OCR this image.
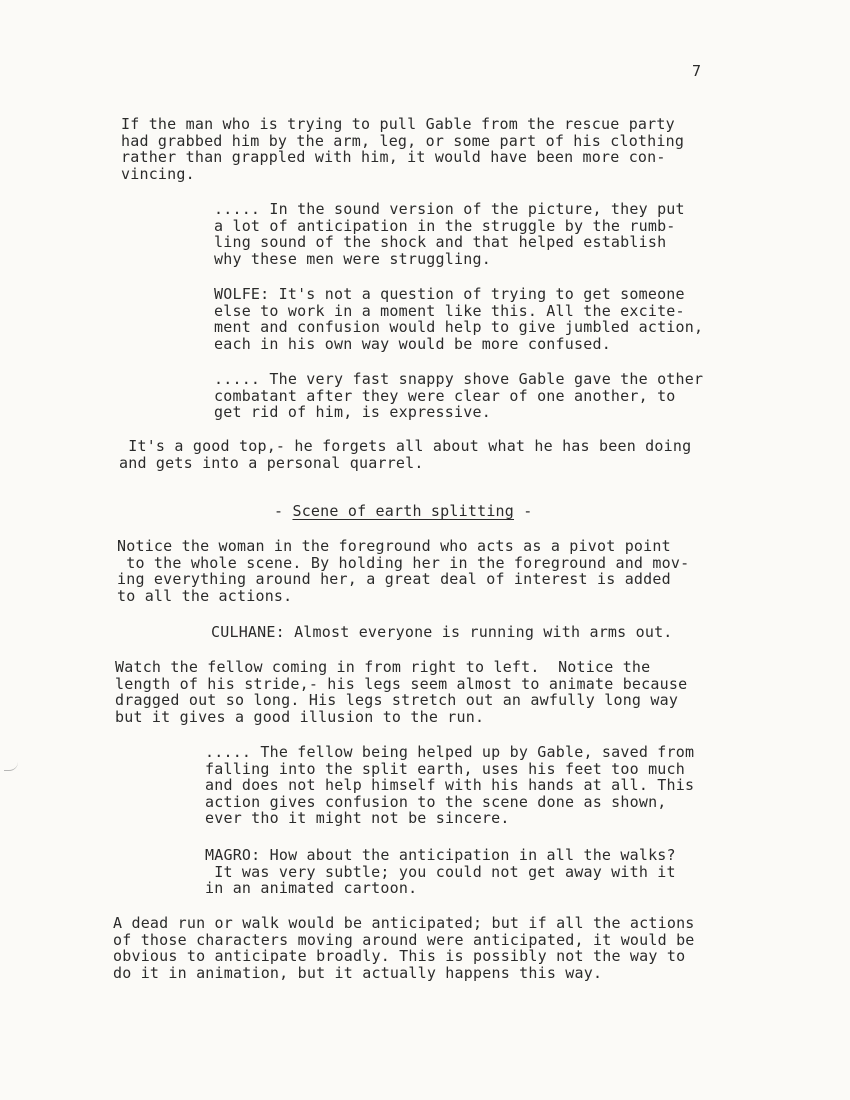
7

If the man who is trying to pull Gable from the rescue party
had grabbed him by the arm, leg, or some part of his clothing
rather than grappled with him, it would have been more con-
vincing.

..... In the sound version of the picture, they put
a lot of anticipation in the struggle by the rumb-
ling sound of the shock and that helped establish
why these men were struggling.

WOLFE: It's not a question of trying to get someone
else to work in a moment like this. All the excite-
ment and confusion would help to give jumbled action,
each in his own way would be more confused.

..... The very fast snappy shove Gable gave the other
combatant after they were clear of one another, to
get rid of him, is expressive.

It's a good top,- he forgets all about what he has been doing
and gets into a personal quarrel.

- Scene of earth splitting -

Notice the woman in the foreground who acts as a pivot point
to the whole scene. By holding her in the foreground and mov-
ing everything around her, a great deal of interest is added
to all the actions.

CULHANE: Almost everyone is running with arms out.

Watch the fellow coming in from right to left.  Notice the
length of his stride,- his legs seem almost to animate because
dragged out so long. His legs stretch out an awfully long way
but it gives a good illusion to the run.

..... The fellow being helped up by Gable, saved from
falling into the split earth, uses his feet too much
and does not help himself with his hands at all. This
action gives confusion to the scene done as shown,
ever tho it might not be sincere.

MAGRO: How about the anticipation in all the walks?
It was very subtle; you could not get away with it
in an animated cartoon.

A dead run or walk would be anticipated; but if all the actions
of those characters moving around were anticipated, it would be
obvious to anticipate broadly. This is possibly not the way to
do it in animation, but it actually happens this way.
